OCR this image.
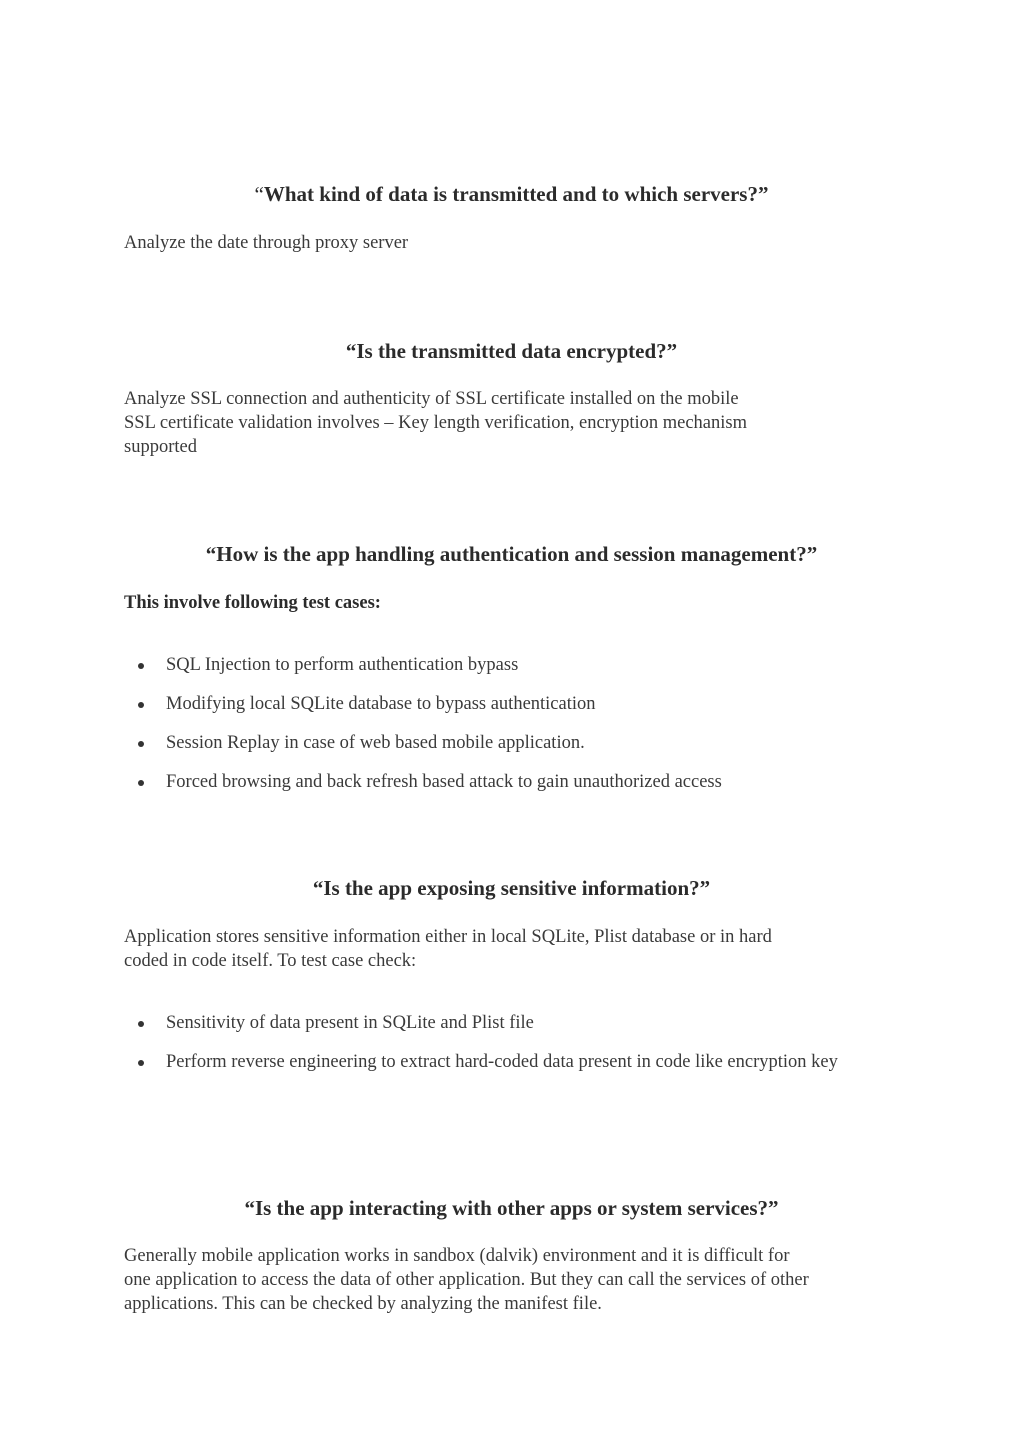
“What kind of data is transmitted and to which servers?”

Analyze the date through proxy server

“Is the transmitted data encrypted?”
Analyze SSL connection and authenticity of SSL certificate installed on the mobile
SSL certificate validation involves – Key length verification, encryption mechanism
supported
“How is the app handling authentication and session management?”

This involve following test cases:

SQL Injection to perform authentication bypass
Modifying local SQLite database to bypass authentication
Session Replay in case of web based mobile application.
Forced browsing and back refresh based attack to gain unauthorized access
“Is the app exposing sensitive information?”
Application stores sensitive information either in local SQLite, Plist database or in hard
coded in code itself. To test case check:
Sensitivity of data present in SQLite and Plist file
Perform reverse engineering to extract hard-coded data present in code like encryption key
“Is the app interacting with other apps or system services?”
Generally mobile application works in sandbox (dalvik) environment and it is difficult for
one application to access the data of other application. But they can call the services of other
applications. This can be checked by analyzing the manifest file.
